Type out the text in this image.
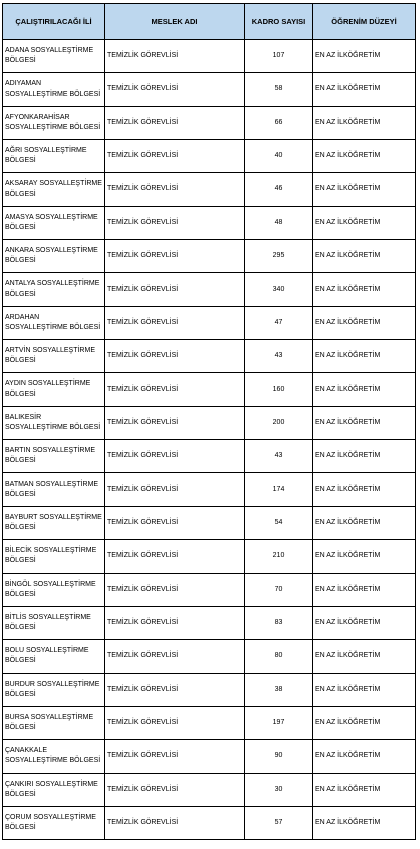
ÇALIŞTIRILACAĞI İLİ	MESLEK ADI	KADRO SAYISI	ÖĞRENİM DÜZEYİ
ADANA SOSYALLEŞTİRME BÖLGESİ	TEMİZLİK GÖREVLİSİ	107	EN AZ İLKÖĞRETİM
ADIYAMAN SOSYALLEŞTİRME BÖLGESİ	TEMİZLİK GÖREVLİSİ	58	EN AZ İLKÖĞRETİM
AFYONKARAHİSAR SOSYALLEŞTİRME BÖLGESİ	TEMİZLİK GÖREVLİSİ	66	EN AZ İLKÖĞRETİM
AĞRI SOSYALLEŞTİRME BÖLGESİ	TEMİZLİK GÖREVLİSİ	40	EN AZ İLKÖĞRETİM
AKSARAY SOSYALLEŞTİRME BÖLGESİ	TEMİZLİK GÖREVLİSİ	46	EN AZ İLKÖĞRETİM
AMASYA SOSYALLEŞTİRME BÖLGESİ	TEMİZLİK GÖREVLİSİ	48	EN AZ İLKÖĞRETİM
ANKARA SOSYALLEŞTİRME BÖLGESİ	TEMİZLİK GÖREVLİSİ	295	EN AZ İLKÖĞRETİM
ANTALYA SOSYALLEŞTİRME BÖLGESİ	TEMİZLİK GÖREVLİSİ	340	EN AZ İLKÖĞRETİM
ARDAHAN SOSYALLEŞTİRME BÖLGESİ	TEMİZLİK GÖREVLİSİ	47	EN AZ İLKÖĞRETİM
ARTVİN SOSYALLEŞTİRME BÖLGESİ	TEMİZLİK GÖREVLİSİ	43	EN AZ İLKÖĞRETİM
AYDIN SOSYALLEŞTİRME BÖLGESİ	TEMİZLİK GÖREVLİSİ	160	EN AZ İLKÖĞRETİM
BALIKESİR SOSYALLEŞTİRME BÖLGESİ	TEMİZLİK GÖREVLİSİ	200	EN AZ İLKÖĞRETİM
BARTIN SOSYALLEŞTİRME BÖLGESİ	TEMİZLİK GÖREVLİSİ	43	EN AZ İLKÖĞRETİM
BATMAN SOSYALLEŞTİRME BÖLGESİ	TEMİZLİK GÖREVLİSİ	174	EN AZ İLKÖĞRETİM
BAYBURT SOSYALLEŞTİRME BÖLGESİ	TEMİZLİK GÖREVLİSİ	54	EN AZ İLKÖĞRETİM
BİLECİK SOSYALLEŞTİRME BÖLGESİ	TEMİZLİK GÖREVLİSİ	210	EN AZ İLKÖĞRETİM
BİNGÖL SOSYALLEŞTİRME BÖLGESİ	TEMİZLİK GÖREVLİSİ	70	EN AZ İLKÖĞRETİM
BİTLİS SOSYALLEŞTİRME BÖLGESİ	TEMİZLİK GÖREVLİSİ	83	EN AZ İLKÖĞRETİM
BOLU SOSYALLEŞTİRME BÖLGESİ	TEMİZLİK GÖREVLİSİ	80	EN AZ İLKÖĞRETİM
BURDUR SOSYALLEŞTİRME BÖLGESİ	TEMİZLİK GÖREVLİSİ	38	EN AZ İLKÖĞRETİM
BURSA SOSYALLEŞTİRME BÖLGESİ	TEMİZLİK GÖREVLİSİ	197	EN AZ İLKÖĞRETİM
ÇANAKKALE SOSYALLEŞTİRME BÖLGESİ	TEMİZLİK GÖREVLİSİ	90	EN AZ İLKÖĞRETİM
ÇANKIRI SOSYALLEŞTİRME BÖLGESİ	TEMİZLİK GÖREVLİSİ	30	EN AZ İLKÖĞRETİM
ÇORUM SOSYALLEŞTİRME BÖLGESİ	TEMİZLİK GÖREVLİSİ	57	EN AZ İLKÖĞRETİM
